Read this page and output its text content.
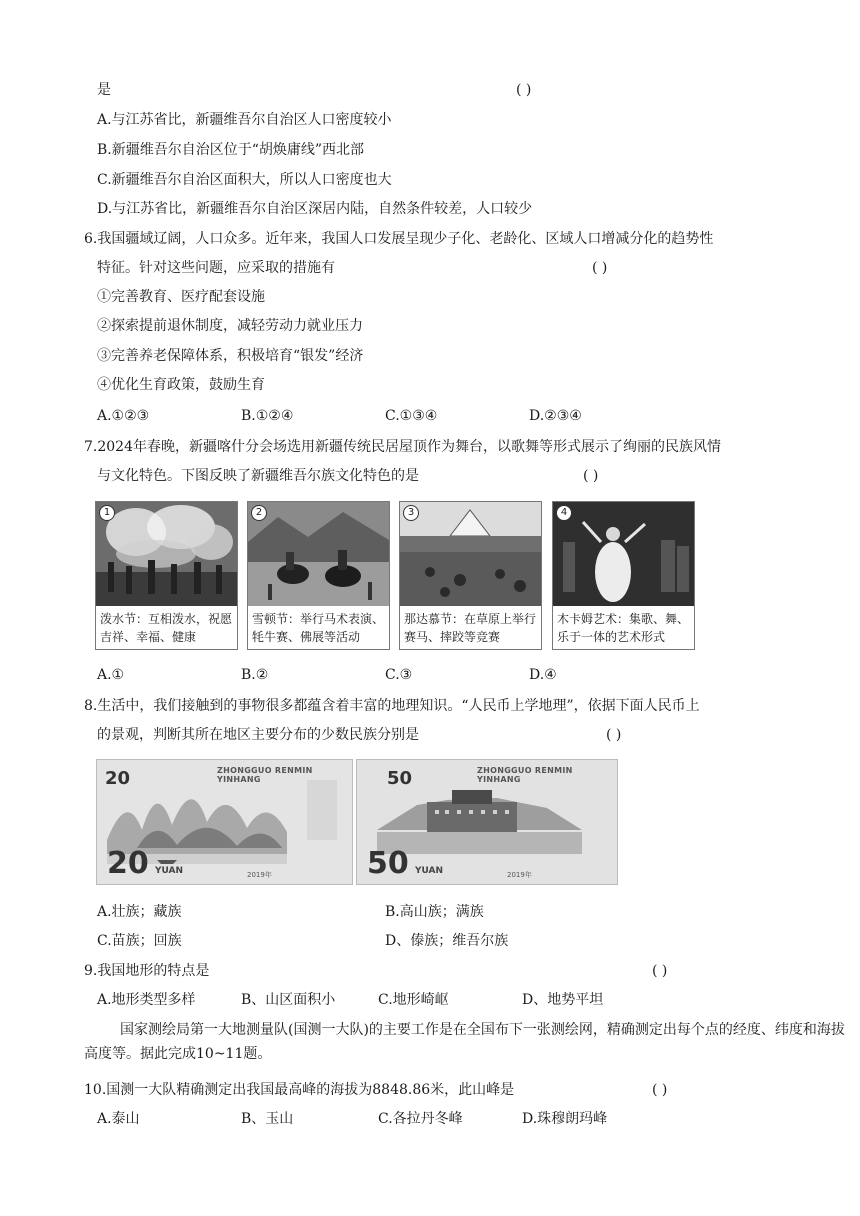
是	( )
A.与江苏省比，新疆维吾尔自治区人口密度较小
B.新疆维吾尔自治区位于“胡焕庸线”西北部
C.新疆维吾尔自治区面积大，所以人口密度也大
D.与江苏省比，新疆维吾尔自治区深居内陆，自然条件较差，人口较少
6.我国疆域辽阔，人口众多。近年来，我国人口发展呈现少子化、老龄化、区域人口增减分化的趋势性
特征。针对这些问题，应采取的措施有	( )
①完善教育、医疗配套设施
②探索提前退休制度，减轻劳动力就业压力
③完善养老保障体系，积极培育“银发”经济
④优化生育政策，鼓励生育
A.①②③	B.①②④	C.①③④	D.②③④
7.2024年春晚，新疆喀什分会场选用新疆传统民居屋顶作为舞台，以歌舞等形式展示了绚丽的民族风情
与文化特色。下图反映了新疆维吾尔族文化特色的是	( )
1
泼水节：互相泼水，祝愿吉祥、幸福、健康
2
雪顿节：举行马术表演、牦牛赛、佛展等活动
3
那达慕节：在草原上举行赛马、摔跤等竞赛
4
木卡姆艺术：集歌、舞、乐于一体的艺术形式
A.①	B.②	C.③	D.④
8.生活中，我们接触到的事物很多都蕴含着丰富的地理知识。“人民币上学地理”，依据下面人民币上
的景观，判断其所在地区主要分布的少数民族分别是	( )
20	ZHONGGUO RENMIN YINHANG
20 YUAN	2019年
50	ZHONGGUO RENMIN YINHANG
50 YUAN	2019年
A.壮族；藏族	B.高山族；满族
C.苗族；回族	D、傣族；维吾尔族
9.我国地形的特点是	( )
A.地形类型多样	B、山区面积小	C.地形崎岖	D、地势平坦
国家测绘局第一大地测量队(国测一大队)的主要工作是在全国布下一张测绘网，精确测定出每个点的经度、纬度和海拔高度等。据此完成10~11题。
10.国测一大队精确测定出我国最高峰的海拔为8848.86米，此山峰是	( )
A.泰山	B、玉山	C.各拉丹冬峰	D.珠穆朗玛峰
